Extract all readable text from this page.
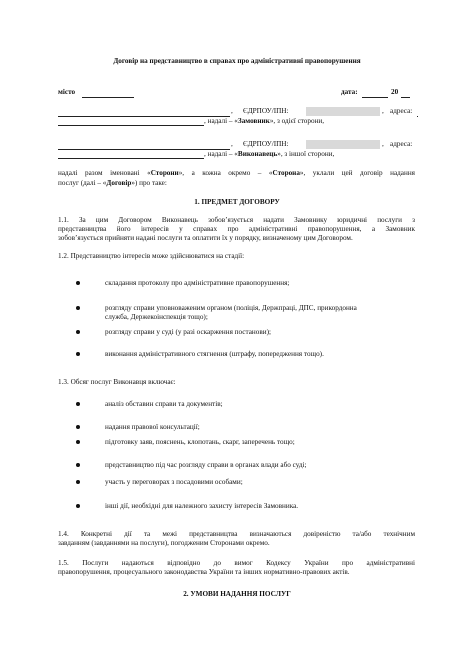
Договір на представництво в справах про адміністративні правопорушення
місто	дата:	20
, ЄДРПОУ/ІПН:	, адреса:
, надалі – «Замовник», з одієї сторони,
, ЄДРПОУ/ІПН:	, адреса:
, надалі – «Виконавець», з іншої сторони,
надалі разом іменовані «Сторони», а кожна окремо – «Сторона», уклали цей договір надання
послуг (далі – «Договір») про таке:
1. ПРЕДМЕТ ДОГОВОРУ
1.1. За цим Договором Виконавець зобов’язується надати Замовнику юридичні послуги з
представництва його інтересів у справах про адміністративні правопорушення, а Замовник
зобов’язується прийняти надані послуги та оплатити їх у порядку, визначеному цим Договором.
1.2. Представництво інтересів може здійснюватися на стадії:
складання протоколу про адміністративне правопорушення;
розгляду справи уповноваженим органом (поліція, Держпраці, ДПС, прикордонна
служба, Держекоінспекція тощо);
розгляду справи у суді (у разі оскарження постанови);
виконання адміністративного стягнення (штрафу, попередження тощо).
1.3. Обсяг послуг Виконавця включає:
аналіз обставин справи та документів;
надання правової консультації;
підготовку заяв, пояснень, клопотань, скарг, заперечень тощо;
представництво під час розгляду справи в органах влади або суді;
участь у переговорах з посадовими особами;
інші дії, необхідні для належного захисту інтересів Замовника.
1.4. Конкретні дії та межі представництва визначаються довіреністю та/або технічним
завданням (завданнями на послуги), погодженим Сторонами окремо.
1.5. Послуги надаються відповідно до вимог Кодексу України про адміністративні
правопорушення, процесуального законодавства України та інших нормативно-правових актів.
2. УМОВИ НАДАННЯ ПОСЛУГ
